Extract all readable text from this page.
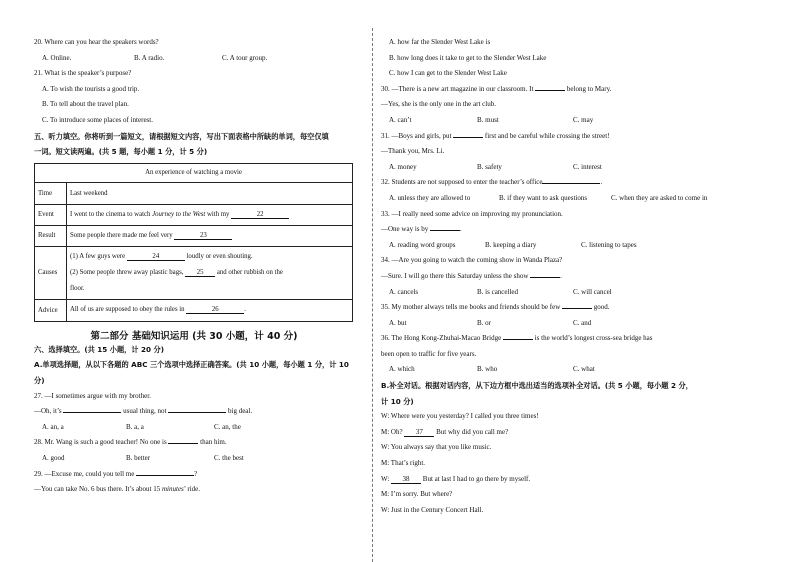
20. Where can you hear the speakers words?
A. Online.	B. A radio.	C. A tour group.
21. What is the speaker’s purpose?
A. To wish the tourists a good trip.
B. To tell about the travel plan.
C. To introduce some places of interest.
五、听力填空。你将听到一篇短文，请根据短文内容，写出下面表格中所缺的单词，每空仅填
一词。短文读两遍。(共 5 题，每小题 1 分，计 5 分)
An experience of watching a movie	
Time	Last weekend
Event	I went to the cinema to watch Journey to the West with my 22
Result	Some people there made me feel very 23
Causes	(1) A few guys were 24 loudly or even shouting.
(2) Some people threw away plastic bags, 25 and other rubbish on the
floor.

Advice	All of us are supposed to obey the rules in 26 .
第二部分 基础知识运用 (共 30 小题，计 40 分)
六、选择填空。(共 15 小题，计 20 分)
A.单项选择题，从以下各题的 ABC 三个选项中选择正确答案。(共 10 小题，每小题 1 分，计 10
分)
27. —I sometimes argue with my brother.
—Oh, it’s	usual thing, not	big deal.
A. an, a	B. a, a	C. an, the
28. Mr. Wang is such a good teacher! No one is	than him.
A. good	B. better	C. the best
29. —Excuse me, could you tell me	?
—You can take No. 6 bus there. It’s about 15 minutes’ ride.
A. how far the Slender West Lake is
B. how long does it take to get to the Slender West Lake
C. how I can get to the Slender West Lake
30. —There is a new art magazine in our classroom. It	belong to Mary.
—Yes, she is the only one in the art club.
A. can’t	B. must	C. may
31. —Boys and girls, put	first and be careful while crossing the street!
—Thank you, Mrs. Li.
A. money	B. safety	C. interest
32. Students are not supposed to enter the teacher’s office	.
A. unless they are allowed to	B. if they want to ask questions	C. when they are asked to come in
33. —I really need some advice on improving my pronunciation.
—One way is by	.
A. reading word groups	B. keeping a diary	C. listening to tapes
34. —Are you going to watch the coming show in Wanda Plaza?
—Sure. I will go there this Saturday unless the show	.
A. cancels	B. is cancelled	C. will cancel
35. My mother always tells me books and friends should be few	good.
A. but	B. or	C. and
36. The Hong Kong-Zhuhai-Macao Bridge	is the world’s longest cross-sea bridge has
been open to traffic for five years.
A. which	B. who	C. what
B.补全对话。根据对话内容，从下边方框中选出适当的选项补全对话。(共 5 小题，每小题 2 分，
计 10 分)
W: Where were you yesterday? I called you three times!
M: Oh? 37 But why did you call me?
W: You always say that you like music.
M: That’s right.
W: 38 But at last I had to go there by myself.
M: I’m sorry. But where?
W: Just in the Century Concert Hall.
